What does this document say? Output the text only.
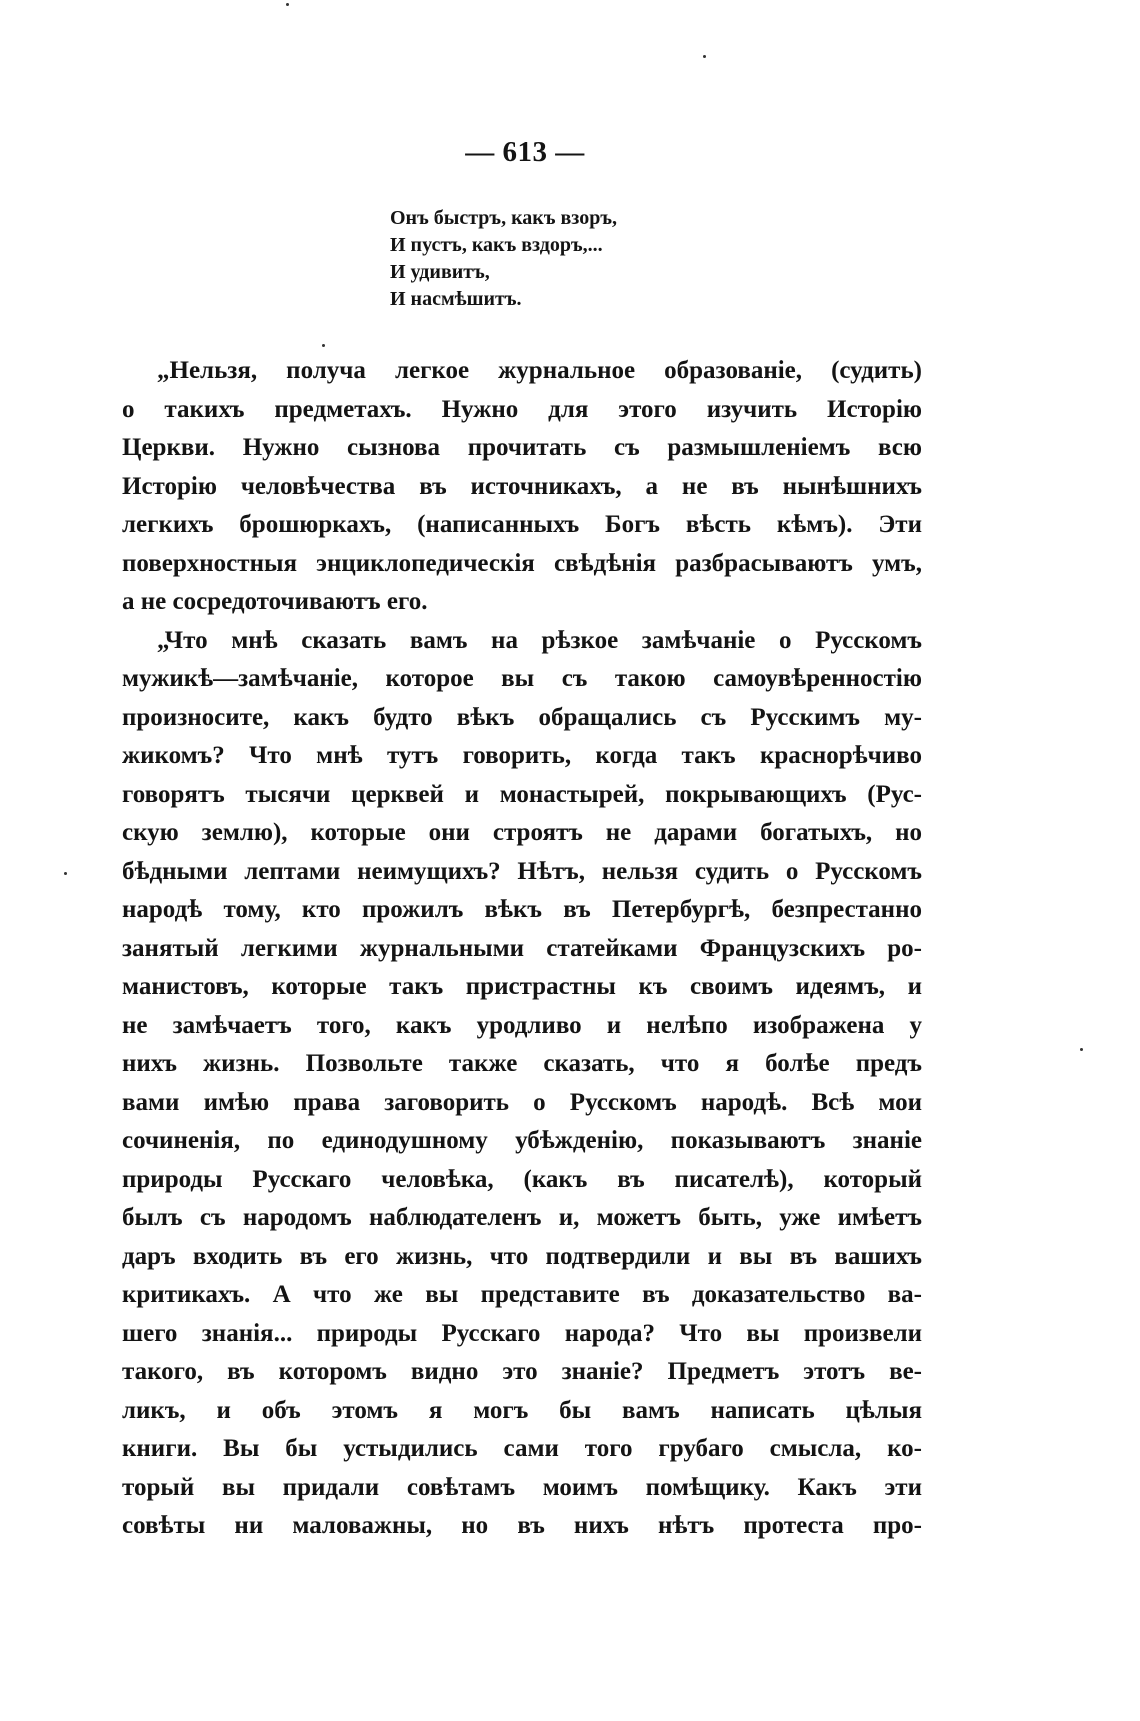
— 613 —
Онъ быстръ, какъ взоръ,
И пустъ, какъ вздоръ,...
И удивитъ,
И насмѣшитъ.
„Нельзя, получа легкое журнальное образованіе, (судить)
о такихъ предметахъ. Нужно для этого изучить Исторію
Церкви. Нужно сызнова прочитать съ размышленіемъ всю
Исторію человѣчества въ источникахъ, а не въ нынѣшнихъ
легкихъ брошюркахъ, (написанныхъ Богъ вѣсть кѣмъ). Эти
поверхностныя энциклопедическія свѣдѣнія разбрасываютъ умъ,
а не сосредоточиваютъ его.
„Что мнѣ сказать вамъ на рѣзкое замѣчаніе о Русскомъ
мужикѣ—замѣчаніе, которое вы съ такою самоувѣренностію
произносите, какъ будто вѣкъ обращались съ Русскимъ му-
жикомъ? Что мнѣ тутъ говорить, когда такъ краснорѣчиво
говорятъ тысячи церквей и монастырей, покрывающихъ (Рус-
скую землю), которые они строятъ не дарами богатыхъ, но
бѣдными лептами неимущихъ? Нѣтъ, нельзя судить о Русскомъ
народѣ тому, кто прожилъ вѣкъ въ Петербургѣ, безпрестанно
занятый легкими журнальными статейками Французскихъ ро-
манистовъ, которые такъ пристрастны къ своимъ идеямъ, и
не замѣчаетъ того, какъ уродливо и нелѣпо изображена у
нихъ жизнь. Позвольте также сказать, что я болѣе предъ
вами имѣю права заговорить о Русскомъ народѣ. Всѣ мои
сочиненія, по единодушному убѣжденію, показываютъ знаніе
природы Русскаго человѣка, (какъ въ писателѣ), который
былъ съ народомъ наблюдателенъ и, можетъ быть, уже имѣетъ
даръ входить въ его жизнь, что подтвердили и вы въ вашихъ
критикахъ. А что же вы представите въ доказательство ва-
шего знанія... природы Русскаго народа? Что вы произвели
такого, въ которомъ видно это знаніе? Предметъ этотъ ве-
ликъ, и объ этомъ я могъ бы вамъ написать цѣлыя
книги. Вы бы устыдились сами того грубаго смысла, ко-
торый вы придали совѣтамъ моимъ помѣщику. Какъ эти
совѣты ни маловажны, но въ нихъ нѣтъ протеста про-
